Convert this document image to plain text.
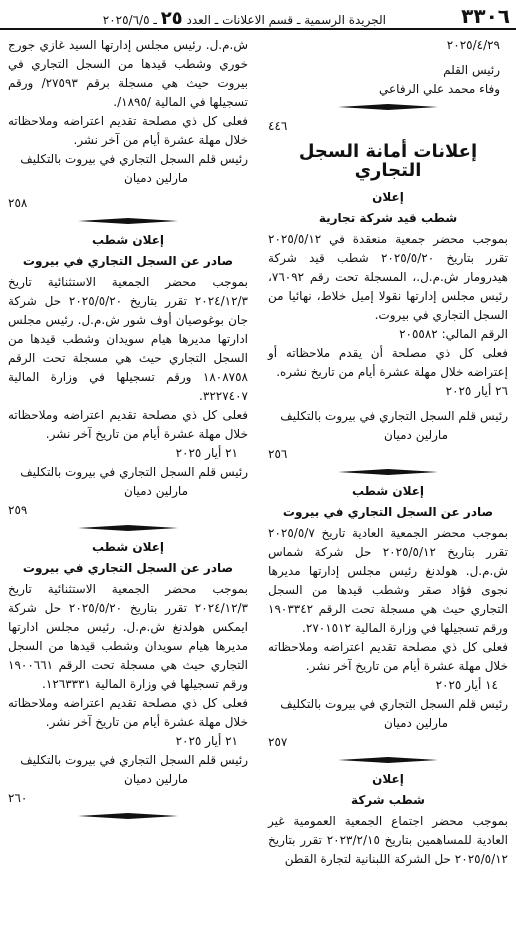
٣٣٠٦
الجريدة الرسمية ـ قسم الاعلانات ـ العدد ٢٥ ـ ٢٠٢٥/٦/٥

٢٠٢٥/٤/٢٩

رئيس القلم

وفاء محمد علي الرفاعي

٤٤٦

إعلانات أمانة السجل التجاري

إعلان

شطب قيد شركة تجارية

بموجب محضر جمعية منعقدة في ٢٠٢٥/٥/١٢ تقرر بتاريخ ٢٠٢٥/٥/٢٠ شطب قيد شركة هيدرومار ش.م.ل.، المسجلة تحت رقم ٧٦٠٩٢، رئيس مجلس إدارتها نقولا إميل خلاط، نهائيا من السجل التجاري في بيروت.

الرقم المالي: ٢٠٥٥٨٢

فعلى كل ذي مصلحة أن يقدم ملاحظاته أو إعتراضه خلال مهلة عشرة أيام من تاريخ نشره.

٢٦ أيار ٢٠٢٥

رئيس قلم السجل التجاري في بيروت بالتكليف

مارلين دميان

٢٥٦

إعلان شطب

صادر عن السجل التجاري في بيروت

بموجب محضر الجمعية العادية تاريخ ٢٠٢٥/٥/٧ تقرر بتاريخ ٢٠٢٥/٥/١٢ حل شركة شماس ش.م.ل. هولدنغ رئيس مجلس إدارتها مديرها نجوى فؤاد صقر وشطب قيدها من السجل التجاري حيث هي مسجلة تحت الرقم ١٩٠٣٣٤٢ ورقم تسجيلها في وزارة المالية ٢٧٠١٥١٢.

فعلى كل ذي مصلحة تقديم اعتراضه وملاحظاته خلال مهلة عشرة أيام من تاريخ آخر نشر.

١٤ أيار ٢٠٢٥

رئيس قلم السجل التجاري في بيروت بالتكليف

مارلين دميان

٢٥٧

إعلان

شطب شركة

بموجب محضر اجتماع الجمعية العمومية غير العادية للمساهمين بتاريخ ٢٠٢٣/٢/١٥ تقرر بتاريخ ٢٠٢٥/٥/١٢ حل الشركة اللبنانية لتجارة القطن

ش.م.ل. رئيس مجلس إدارتها السيد غازي جورج خوري وشطب قيدها من السجل التجاري في بيروت حيث هي مسجلة برقم ٢٧٥٩٣/ ورقم تسجيلها في المالية /١٨٩٥/.

فعلى كل ذي مصلحة تقديم اعتراضه وملاحظاته خلال مهلة عشرة أيام من آخر نشر.

رئيس قلم السجل التجاري في بيروت بالتكليف

مارلين دميان

٢٥٨

إعلان شطب

صادر عن السجل التجاري في بيروت

بموجب محضر الجمعية الاستثنائية تاريخ ٢٠٢٤/١٢/٣ تقرر بتاريخ ٢٠٢٥/٥/٢٠ حل شركة جان بوغوصيان أوف شور ش.م.ل. رئيس مجلس ادارتها مديرها هيام سويدان وشطب قيدها من السجل التجاري حيث هي مسجلة تحت الرقم ١٨٠٨٧٥٨ ورقم تسجيلها في وزارة المالية ٣٢٢٧٤٠٧.

فعلى كل ذي مصلحة تقديم اعتراضه وملاحظاته خلال مهلة عشرة أيام من تاريخ آخر نشر.

٢١ أيار ٢٠٢٥

رئيس قلم السجل التجاري في بيروت بالتكليف

مارلين دميان

٢٥٩

إعلان شطب

صادر عن السجل التجاري في بيروت

بموجب محضر الجمعية الاستثنائية تاريخ ٢٠٢٤/١٢/٣ تقرر بتاريخ ٢٠٢٥/٥/٢٠ حل شركة ايمكس هولدنغ ش.م.ل. رئيس مجلس ادارتها مديرها هيام سويدان وشطب قيدها من السجل التجاري حيث هي مسجلة تحت الرقم ١٩٠٠٦٦١ ورقم تسجيلها في وزارة المالية ١٢٦٣٣٣١.

فعلى كل ذي مصلحة تقديم اعتراضه وملاحظاته خلال مهلة عشرة أيام من تاريخ آخر نشر.

٢١ أيار ٢٠٢٥

رئيس قلم السجل التجاري في بيروت بالتكليف

مارلين دميان

٢٦٠
